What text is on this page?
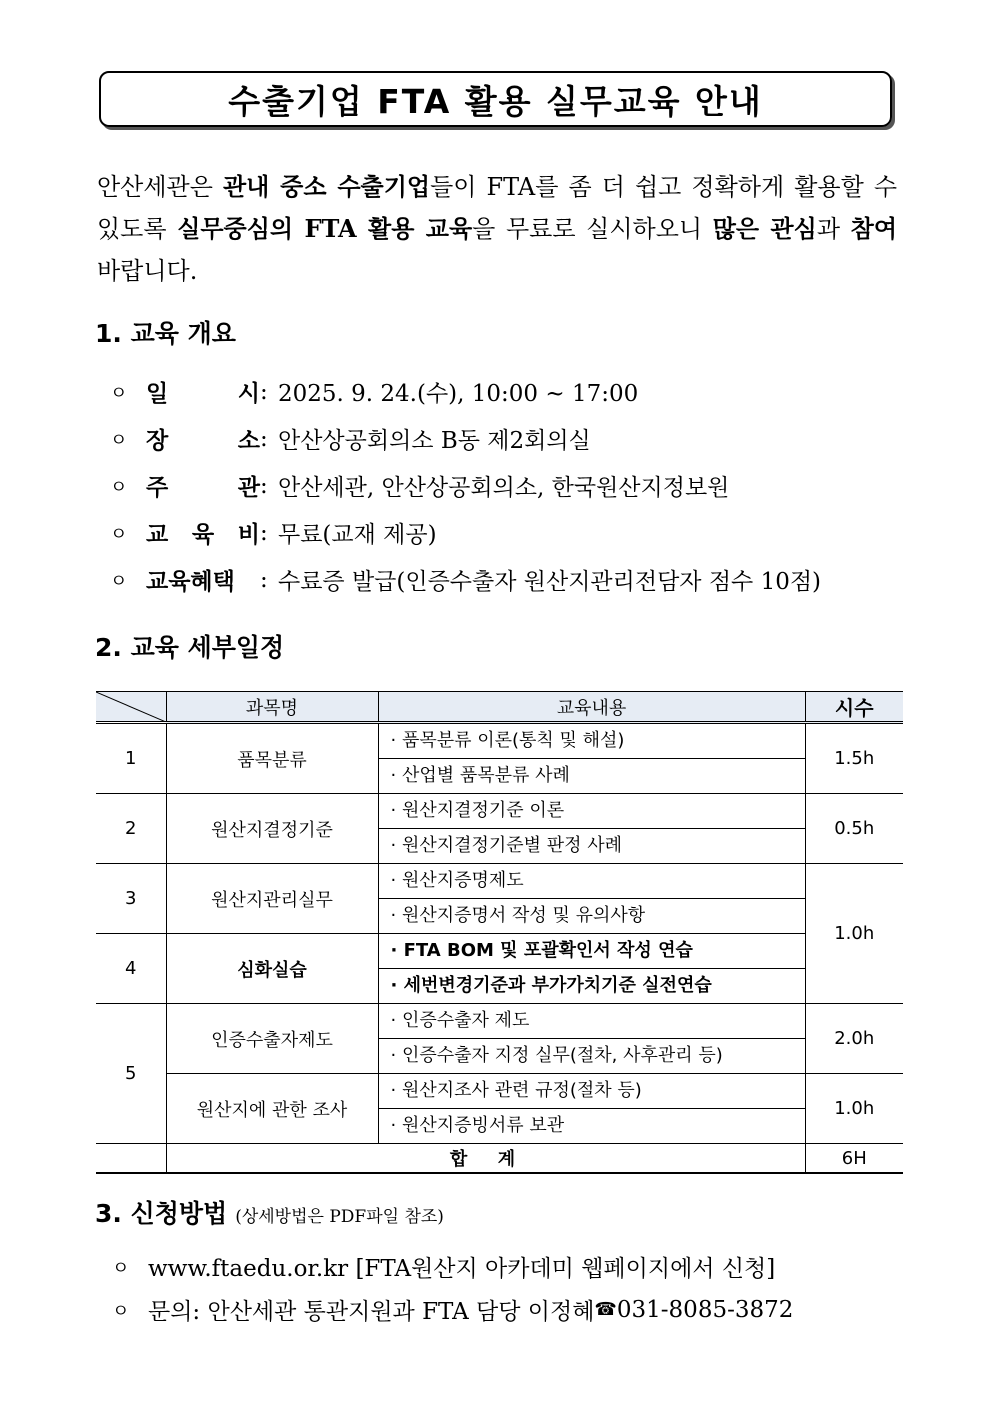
수출기업 FTA 활용 실무교육 안내
안산세관은 관내 중소 수출기업들이 FTA를 좀 더 쉽고 정확하게 활용할 수 있도록 실무중심의 FTA 활용 교육을 무료로 실시하오니 많은 관심과 참여 바랍니다.
1. 교육 개요
ㅇ 일	시 : 2025. 9. 24.(수), 10:00 ~ 17:00
ㅇ 장	소 : 안산상공회의소 B동 제2회의실
ㅇ 주	관 : 안산세관, 안산상공회의소, 한국원산지정보원
ㅇ 교 육 비 : 무료(교재 제공)
ㅇ 교육혜택 : 수료증 발급(인증수출자 원산지관리전담자 점수 10점)
2. 교육 세부일정
	과목명	교육내용	시수
1	품목분류	· 품목분류 이론(통칙 및 해설)	1.5h
		· 산업별 품목분류 사례	
2	원산지결정기준	· 원산지결정기준 이론	0.5h
		· 원산지결정기준별 판정 사례	
3	원산지관리실무	· 원산지증명제도	1.0h
		· 원산지증명서 작성 및 유의사항	
4	심화실습	· FTA BOM 및 포괄확인서 작성 연습	
		· 세번변경기준과 부가가치기준 실전연습	
5	인증수출자제도	· 인증수출자 제도	2.0h
		· 인증수출자 지정 실무(절차, 사후관리 등)	
	원산지에 관한 조사	· 원산지조사 관련 규정(절차 등)	1.0h
		· 원산지증빙서류 보관	
	합  계		6H
3. 신청방법 (상세방법은 PDF파일 참조)
ㅇ www.ftaedu.or.kr [FTA원산지 아카데미 웹페이지에서 신청]
ㅇ 문의: 안산세관 통관지원과 FTA 담당 이정혜 ☎ 031-8085-3872
